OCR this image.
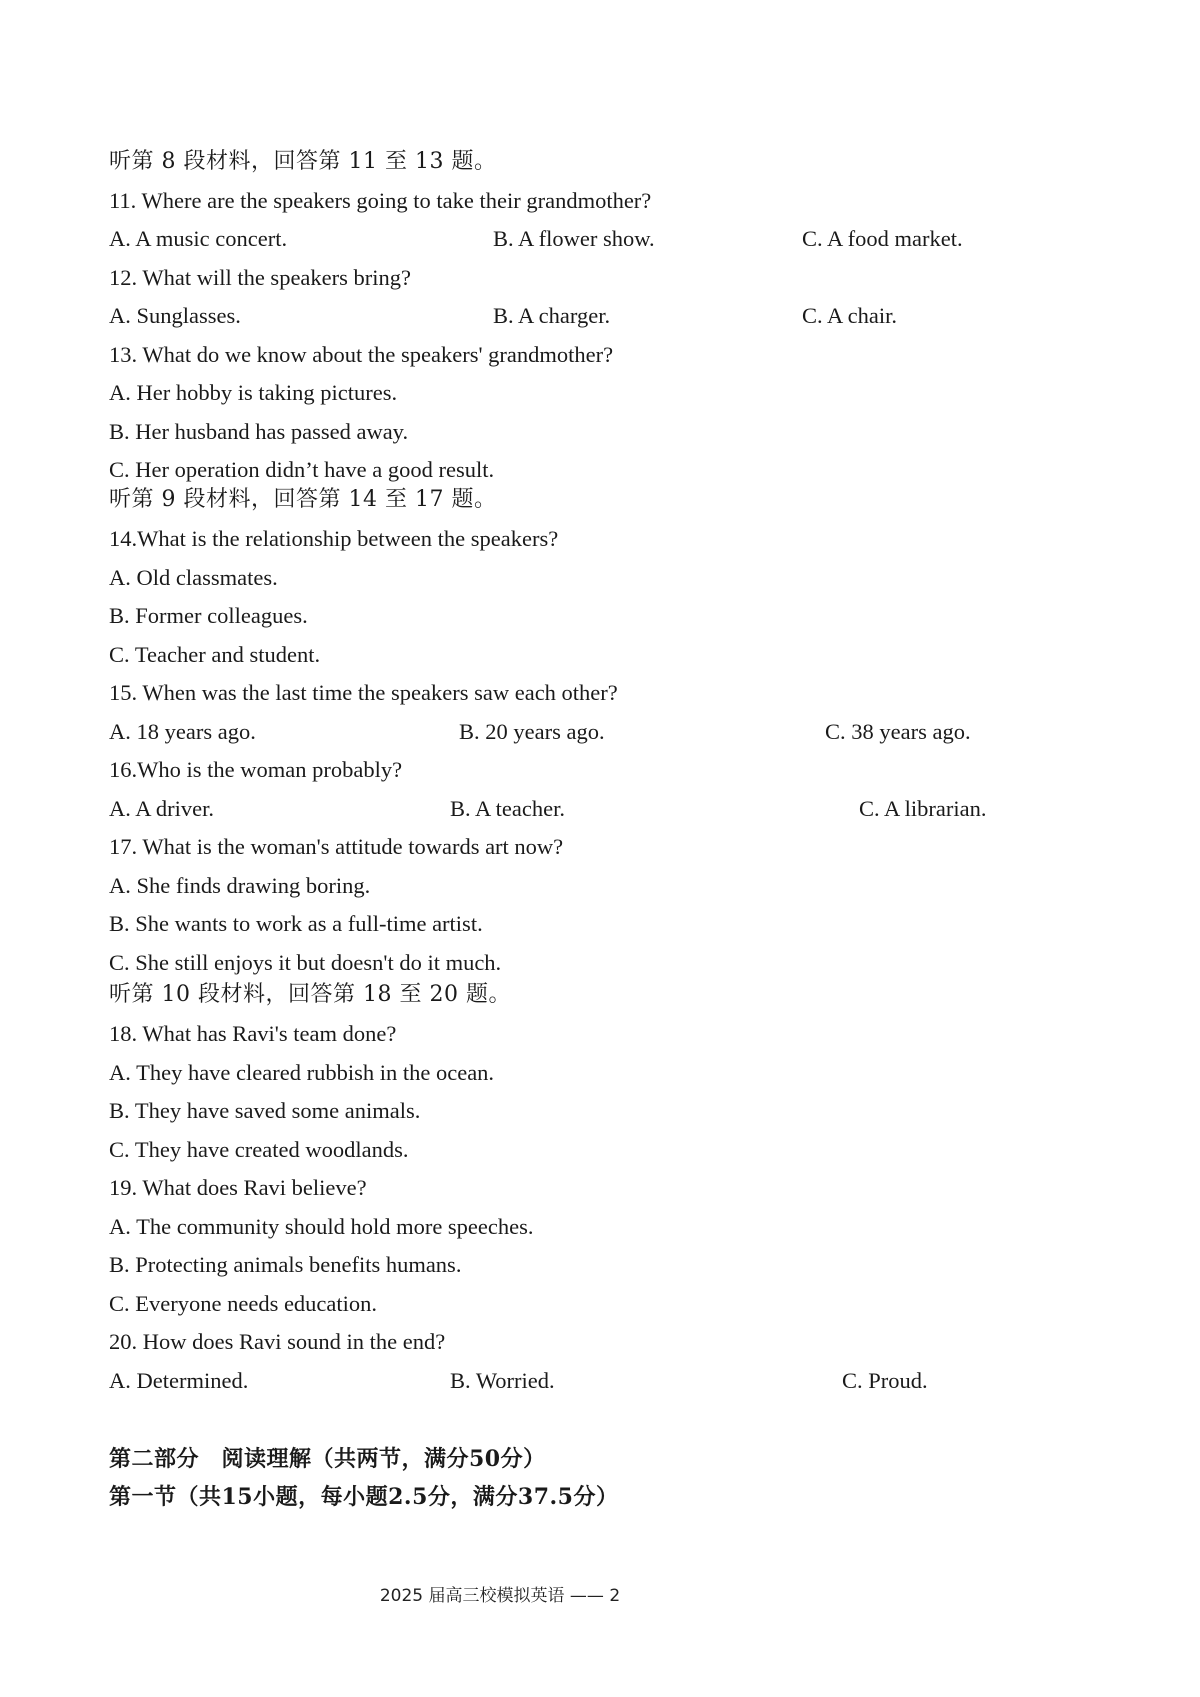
听第 8 段材料，回答第 11 至 13 题。
11. Where are the speakers going to take their grandmother?
A. A music concert.	B. A flower show.	C. A food market.
12. What will the speakers bring?
A. Sunglasses.	B. A charger.	C. A chair.
13. What do we know about the speakers' grandmother?
A. Her hobby is taking pictures.
B. Her husband has passed away.
C. Her operation didn’t have a good result.
听第 9 段材料，回答第 14 至 17 题。
14.What is the relationship between the speakers?
A. Old classmates.
B. Former colleagues.
C. Teacher and student.
15. When was the last time the speakers saw each other?
A. 18 years ago.	B. 20 years ago.	C. 38 years ago.
16.Who is the woman probably?
A. A driver.	B. A teacher.	C. A librarian.
17. What is the woman's attitude towards art now?
A. She finds drawing boring.
B. She wants to work as a full-time artist.
C. She still enjoys it but doesn't do it much.
听第 10 段材料，回答第 18 至 20 题。
18. What has Ravi's team done?
A. They have cleared rubbish in the ocean.
B. They have saved some animals.
C. They have created woodlands.
19. What does Ravi believe?
A. The community should hold more speeches.
B. Protecting animals benefits humans.
C. Everyone needs education.
20. How does Ravi sound in the end?
A. Determined.	B. Worried.	C. Proud.
第二部分　阅读理解（共两节，满分50分）
第一节（共15小题，每小题2.5分，满分37.5分）
2025 届高三校模拟英语 —— 2
